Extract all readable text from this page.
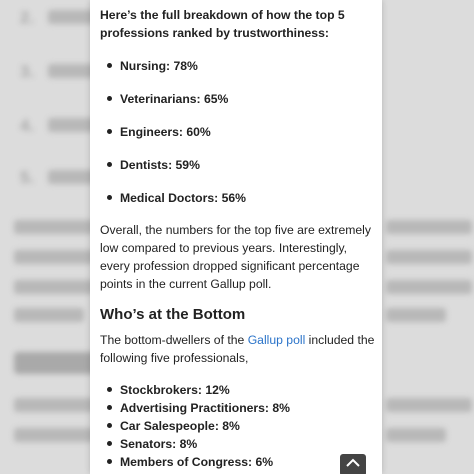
2.
3.
4.
5.

Here’s the full breakdown of how the top 5 professions ranked by trustworthiness:

Nursing: 78%
Veterinarians: 65%
Engineers: 60%
Dentists: 59%
Medical Doctors: 56%

Overall, the numbers for the top five are extremely low compared to previous years. Interestingly, every profession dropped significant percentage points in the current Gallup poll.

Who’s at the Bottom

The bottom-dwellers of the Gallup poll included the following five professionals,

Stockbrokers: 12%
Advertising Practitioners: 8%
Car Salespeople: 8%
Senators: 8%
Members of Congress: 6%
